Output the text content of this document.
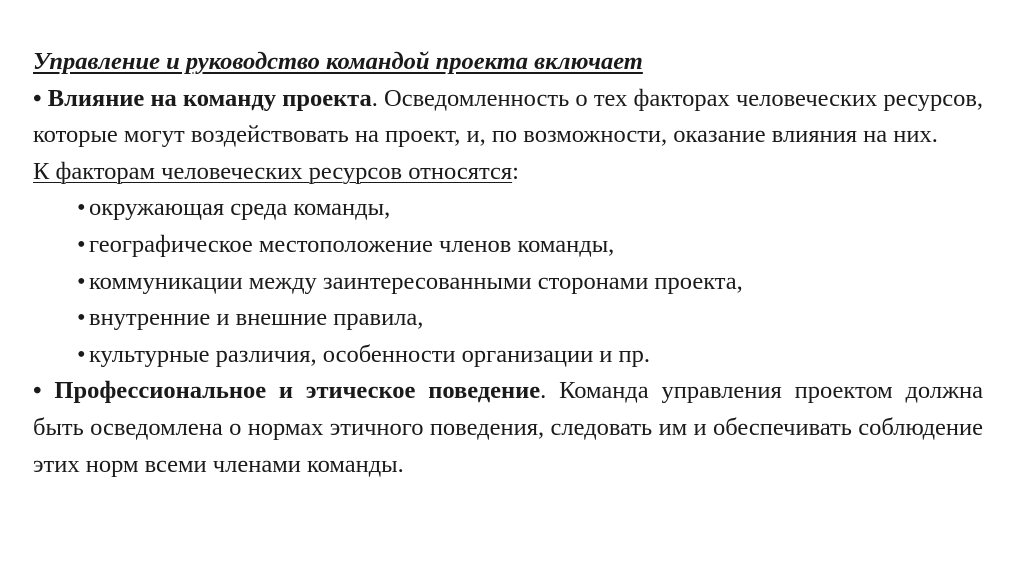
Управление и руководство командой проекта включает

• Влияние на команду проекта. Осведомленность о тех факторах человеческих ресурсов, которые могут воздействовать на проект, и, по возможности, оказание влияния на них.

К факторам человеческих ресурсов относятся:

• окружающая среда команды,
• географическое местоположение членов команды,
• коммуникации между заинтересованными сторонами проекта,
• внутренние и внешние правила,
• культурные различия, особенности организации и пр.

• Профессиональное и этическое поведение. Команда управления проектом должна быть осведомлена о нормах этичного поведения, следовать им и обеспечивать соблюдение этих норм всеми членами команды.
